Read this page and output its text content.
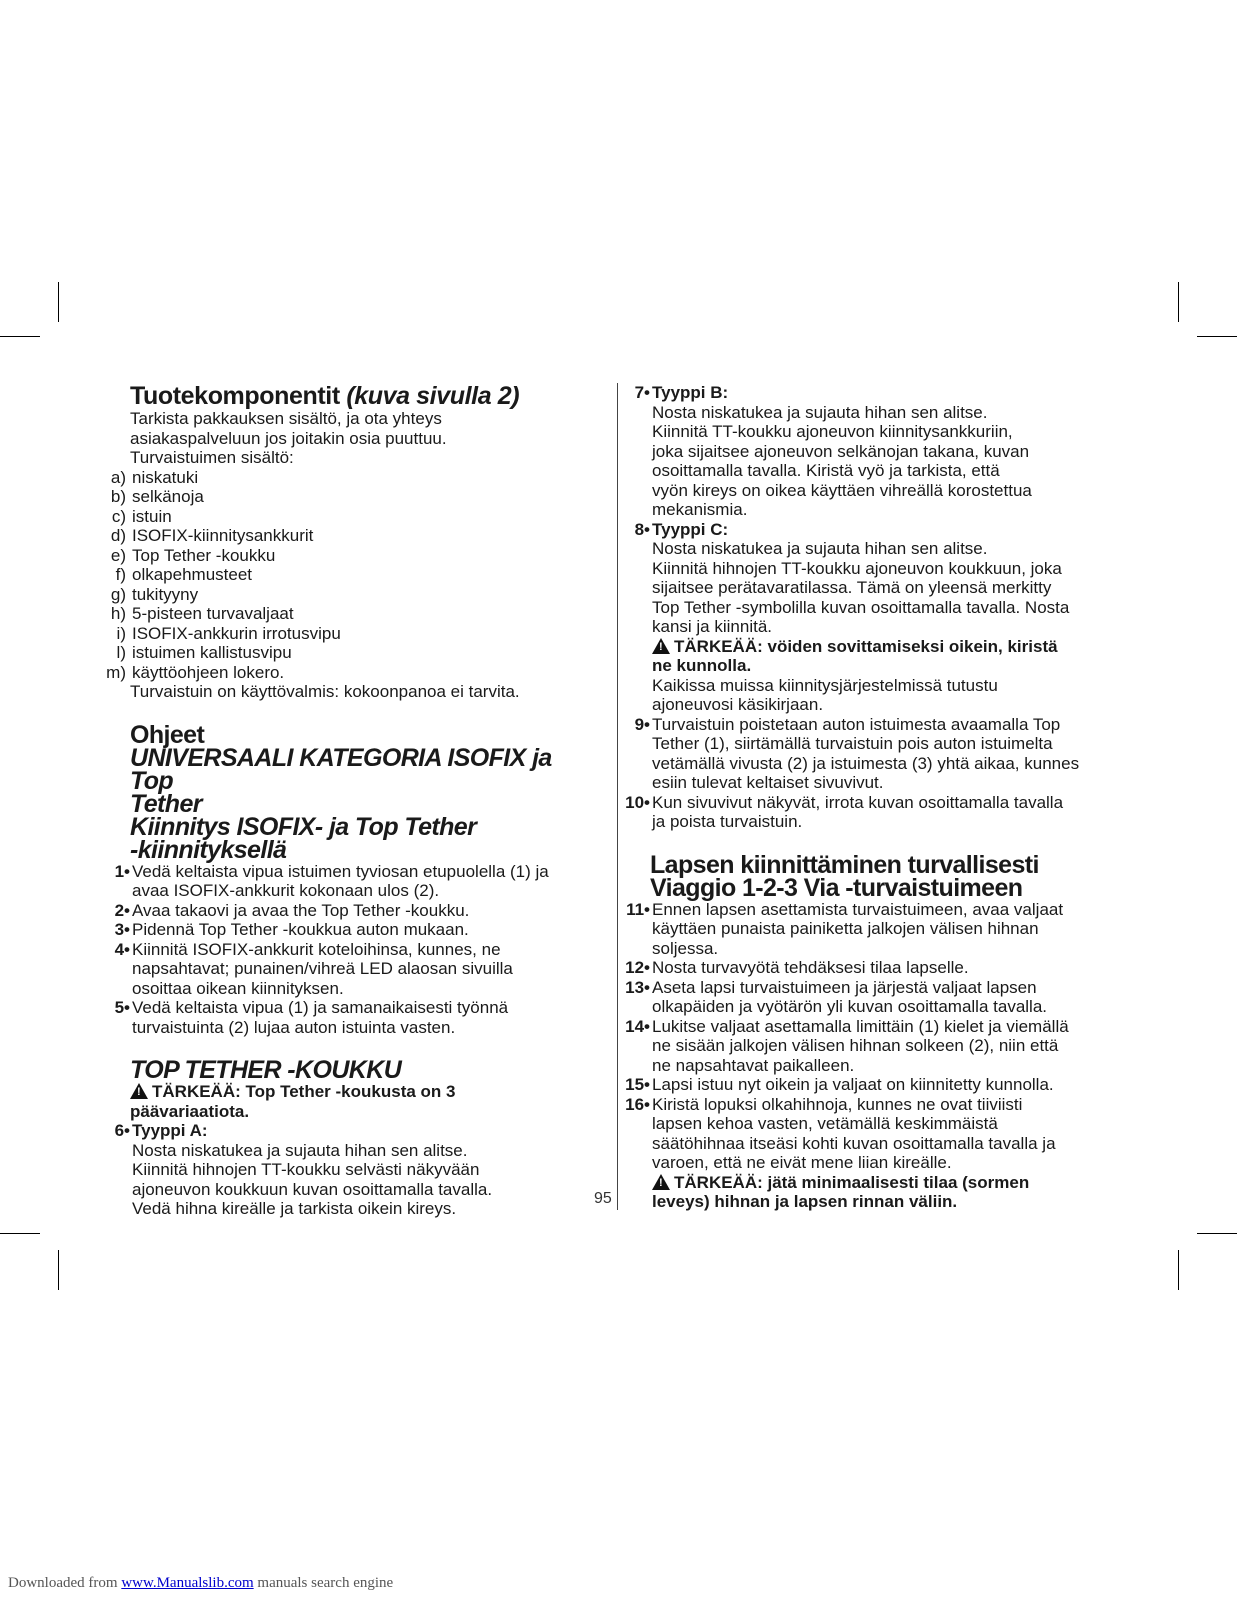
Tuotekomponentit (kuva sivulla 2)
Tarkista pakkauksen sisältö, ja ota yhteys
asiakaspalveluun jos joitakin osia puuttuu.
Turvaistuimen sisältö:
a) niskatuki
b) selkänoja
c) istuin
d) ISOFIX-kiinnitysankkurit
e) Top Tether -koukku
f) olkapehmusteet
g) tukityyny
h) 5-pisteen turvavaljaat
i) ISOFIX-ankkurin irrotusvipu
l) istuimen kallistusvipu
m) käyttöohjeen lokero.
Turvaistuin on käyttövalmis: kokoonpanoa ei tarvita.
Ohjeet
UNIVERSAALI KATEGORIA ISOFIX ja Top
Tether
Kiinnitys ISOFIX- ja Top Tether
-kiinnityksellä
1• Vedä keltaista vipua istuimen tyviosan etupuolella (1) ja
avaa ISOFIX-ankkurit kokonaan ulos (2).
2• Avaa takaovi ja avaa the Top Tether -koukku.
3• Pidennä Top Tether -koukkua auton mukaan.
4• Kiinnitä ISOFIX-ankkurit koteloihinsa, kunnes, ne
napsahtavat; punainen/vihreä LED alaosan sivuilla
osoittaa oikean kiinnityksen.
5• Vedä keltaista vipua (1) ja samanaikaisesti työnnä
turvaistuinta (2) lujaa auton istuinta vasten.
TOP TETHER -KOUKKU
!TÄRKEÄÄ: Top Tether -koukusta on 3
päävariaatiota.
6• Tyyppi A:
Nosta niskatukea ja sujauta hihan sen alitse.
Kiinnitä hihnojen TT-koukku selvästi näkyvään
ajoneuvon koukkuun kuvan osoittamalla tavalla.
Vedä hihna kireälle ja tarkista oikein kireys.
7• Tyyppi B:
Nosta niskatukea ja sujauta hihan sen alitse.
Kiinnitä TT-koukku ajoneuvon kiinnitysankkuriin,
joka sijaitsee ajoneuvon selkänojan takana, kuvan
osoittamalla tavalla. Kiristä vyö ja tarkista, että
vyön kireys on oikea käyttäen vihreällä korostettua
mekanismia.
8• Tyyppi C:
Nosta niskatukea ja sujauta hihan sen alitse.
Kiinnitä hihnojen TT-koukku ajoneuvon koukkuun, joka
sijaitsee perätavaratilassa. Tämä on yleensä merkitty
Top Tether -symbolilla kuvan osoittamalla tavalla. Nosta
kansi ja kiinnitä.
!TÄRKEÄÄ: vöiden sovittamiseksi oikein, kiristä
ne kunnolla.
Kaikissa muissa kiinnitysjärjestelmissä tutustu
ajoneuvosi käsikirjaan.
9• Turvaistuin poistetaan auton istuimesta avaamalla Top
Tether (1), siirtämällä turvaistuin pois auton istuimelta
vetämällä vivusta (2) ja istuimesta (3) yhtä aikaa, kunnes
esiin tulevat keltaiset sivuvivut.
10• Kun sivuvivut näkyvät, irrota kuvan osoittamalla tavalla
ja poista turvaistuin.
Lapsen kiinnittäminen turvallisesti
Viaggio 1-2-3 Via -turvaistuimeen
11• Ennen lapsen asettamista turvaistuimeen, avaa valjaat
käyttäen punaista painiketta jalkojen välisen hihnan
soljessa.
12• Nosta turvavyötä tehdäksesi tilaa lapselle.
13• Aseta lapsi turvaistuimeen ja järjestä valjaat lapsen
olkapäiden ja vyötärön yli kuvan osoittamalla tavalla.
14• Lukitse valjaat asettamalla limittäin (1) kielet ja viemällä
ne sisään jalkojen välisen hihnan solkeen (2), niin että
ne napsahtavat paikalleen.
15• Lapsi istuu nyt oikein ja valjaat on kiinnitetty kunnolla.
16• Kiristä lopuksi olkahihnoja, kunnes ne ovat tiiviisti
lapsen kehoa vasten, vetämällä keskimmäistä
säätöhihnaa itseäsi kohti kuvan osoittamalla tavalla ja
varoen, että ne eivät mene liian kireälle.
!TÄRKEÄÄ: jätä minimaalisesti tilaa (sormen
leveys) hihnan ja lapsen rinnan väliin.
95
Downloaded from www.Manualslib.com manuals search engine
